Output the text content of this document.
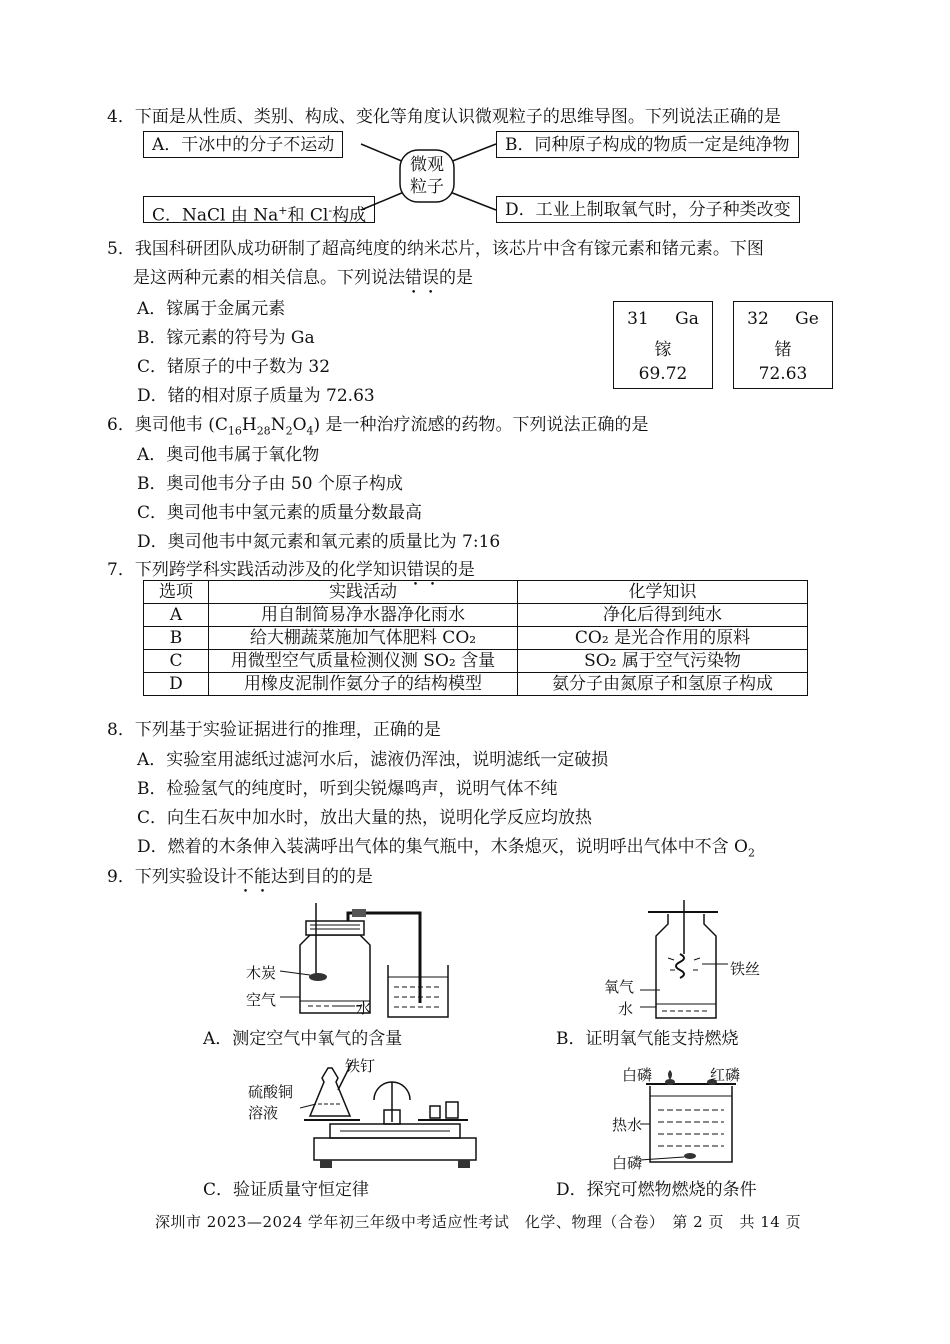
4．下面是从性质、类别、构成、变化等角度认识微观粒子的思维导图。下列说法正确的是
A．干冰中的分子不运动	B．同种原子构成的物质一定是纯净物
C．NaCl 由 Na+和 Cl-构成	D．工业上制取氧气时，分子种类改变
微观
粒子
5．我国科研团队成功研制了超高纯度的纳米芯片，该芯片中含有镓元素和锗元素。下图
是这两种元素的相关信息。下列说法错误的是
A．镓属于金属元素
B．镓元素的符号为 Ga
C．锗原子的中子数为 32
D．锗的相对原子质量为 72.63
31 Ga
镓
69.72
32 Ge
锗
72.63
6．奥司他韦 $(C_{16}H_{28}N_2O_4)$ 是一种治疗流感的药物。下列说法正确的是
A．奥司他韦属于氧化物
B．奥司他韦分子由 50 个原子构成
C．奥司他韦中氢元素的质量分数最高
D．奥司他韦中氮元素和氧元素的质量比为 7:16
7．下列跨学科实践活动涉及的化学知识错误的是
选项	实践活动	化学知识
A	用自制简易净水器净化雨水	净化后得到纯水
B	给大棚蔬菜施加气体肥料 CO₂	CO₂ 是光合作用的原料
C	用微型空气质量检测仪测 SO₂ 含量	SO₂ 属于空气污染物
D	用橡皮泥制作氨分子的结构模型	氨分子由氮原子和氢原子构成
8．下列基于实验证据进行的推理，正确的是
A．实验室用滤纸过滤河水后，滤液仍浑浊，说明滤纸一定破损
B．检验氢气的纯度时，听到尖锐爆鸣声，说明气体不纯
C．向生石灰中加水时，放出大量的热，说明化学反应均放热
D．燃着的木条伸入装满呼出气体的集气瓶中，木条熄灭，说明呼出气体中不含 $O_2$
9．下列实验设计不能达到目的的是
木炭
空气	水
A．测定空气中氧气的含量
铁丝
氧气
水
B．证明氧气能支持燃烧
硫酸铜
溶液
铁钉
C．验证质量守恒定律
白磷	红磷
热水
白磷
D．探究可燃物燃烧的条件
深圳市 2023—2024 学年初三年级中考适应性考试　化学、物理（合卷）　第 2 页　共 14 页
